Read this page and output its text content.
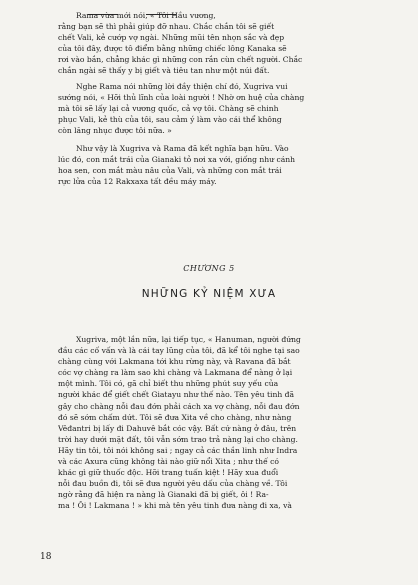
Rama vừa mới nói, « Tôi Hầu vương,
rằng bạn sẽ thì phải giúp đỡ nhau. Chắc chắn tôi sẽ giết
chết Vali, kẻ cướp vợ ngài. Những mũi tên nhọn sắc và đẹp
của tôi đây, được tô điểm bằng những chiếc lông Kanaka sẽ
rơi vào bắn, chẳng khác gì những con rắn cùn chết người. Chắc
chắn ngài sẽ thấy y bị giết và tiêu tan như một núi đất.

Nghe Rama nói những lời đầy thiện chí đó, Xugriva vui
sướng nói, « Hỡi thủ lĩnh của loài người ! Nhờ ơn huệ của chàng
mà tôi sẽ lấy lại cả vương quốc, cả vợ tôi. Chàng sẽ chinh
phục Vali, kẻ thù của tôi, sau cảm ý làm vào cái thể không
còn lăng nhục được tôi nữa. »

Như vậy là Xugriva và Rama đã kết nghĩa bạn hữu. Vào
lúc đó, con mắt trái của Gianaki tỏ nơi xa với, giống như cánh
hoa sen, con mắt màu nâu của Vali, và những con mắt trái
rực lửa của 12 Rakxaxa tất đều máy máy.

CHƯƠNG 5
NHỮNG KỶ NIỆM XƯA

Xugriva, một lần nữa, lại tiếp tục, « Hanuman, người đứng
đầu các cố vấn và là cái tay lũng của tôi, đã kể tôi nghe tại sao
chàng cùng với Lakmana tới khu rừng này, và Ravana đã bắt
cóc vợ chàng ra làm sao khi chàng và Lakmana để nàng ở lại
một mình. Tôi có, gã chỉ biết thu những phút suy yếu của
người khác để giết chết Giatayu như thế nào. Tên yêu tinh đã
gây cho chàng nỗi đau đớn phải cách xa vợ chàng, nỗi đau đớn
đó sẽ sớm chấm dứt. Tôi sẽ đưa Xita về cho chàng, như nàng
Vêđantri bị lấy đi Dahuvê bắt cóc vậy. Bất cứ nàng ở đâu, trên
trời hay dưới mặt đất, tôi vẫn sớm trao trả nàng lại cho chàng.
Hãy tin tôi, tôi nói không sai ; ngay cả các thần linh như Indra
và các Axura cũng không tài nào giữ nổi Xita ; như thế có
khác gì giữ thuốc độc. Hỡi trang tuấn kiệt ! Hãy xua đuổi
nỗi đau buồn đi, tôi sẽ đưa người yêu dấu của chàng về. Tôi
ngờ rằng đã hiện ra nàng là Gianaki đã bị giết, ôi ! Ra-
ma ! Ôi ! Lakmana ! » khi mà tên yêu tinh đưa nàng đi xa, và

18
